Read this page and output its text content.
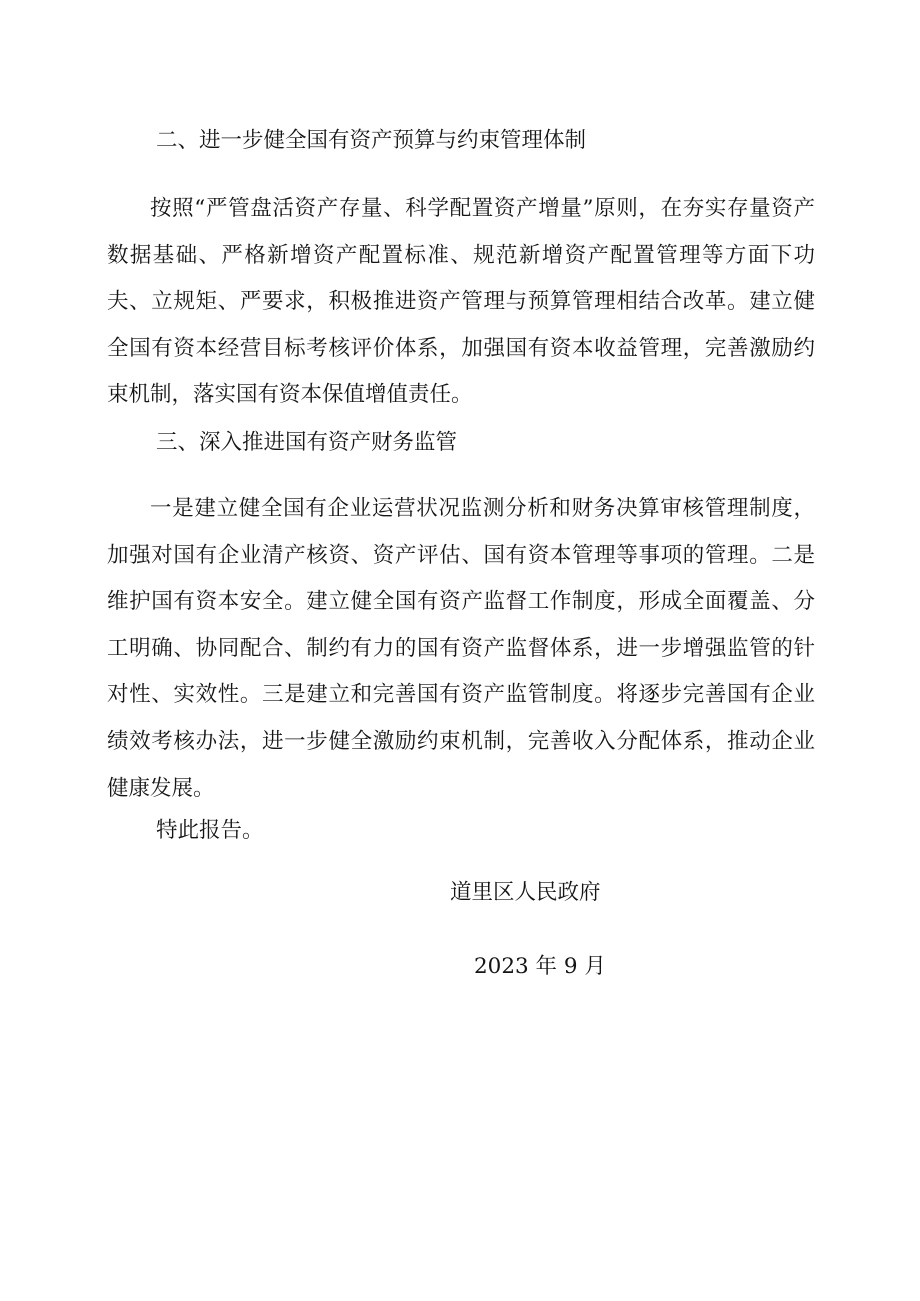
二、进一步健全国有资产预算与约束管理体制
按照“严管盘活资产存量、科学配置资产增量”原则，在夯实存量资产数据基础、严格新增资产配置标准、规范新增资产配置管理等方面下功夫、立规矩、严要求，积极推进资产管理与预算管理相结合改革。建立健全国有资本经营目标考核评价体系，加强国有资本收益管理，完善激励约束机制，落实国有资本保值增值责任。
三、深入推进国有资产财务监管
一是建立健全国有企业运营状况监测分析和财务决算审核管理制度，加强对国有企业清产核资、资产评估、国有资本管理等事项的管理。二是维护国有资本安全。建立健全国有资产监督工作制度，形成全面覆盖、分工明确、协同配合、制约有力的国有资产监督体系，进一步增强监管的针对性、实效性。三是建立和完善国有资产监管制度。将逐步完善国有企业绩效考核办法，进一步健全激励约束机制，完善收入分配体系，推动企业健康发展。
特此报告。
道里区人民政府
2023 年 9 月
